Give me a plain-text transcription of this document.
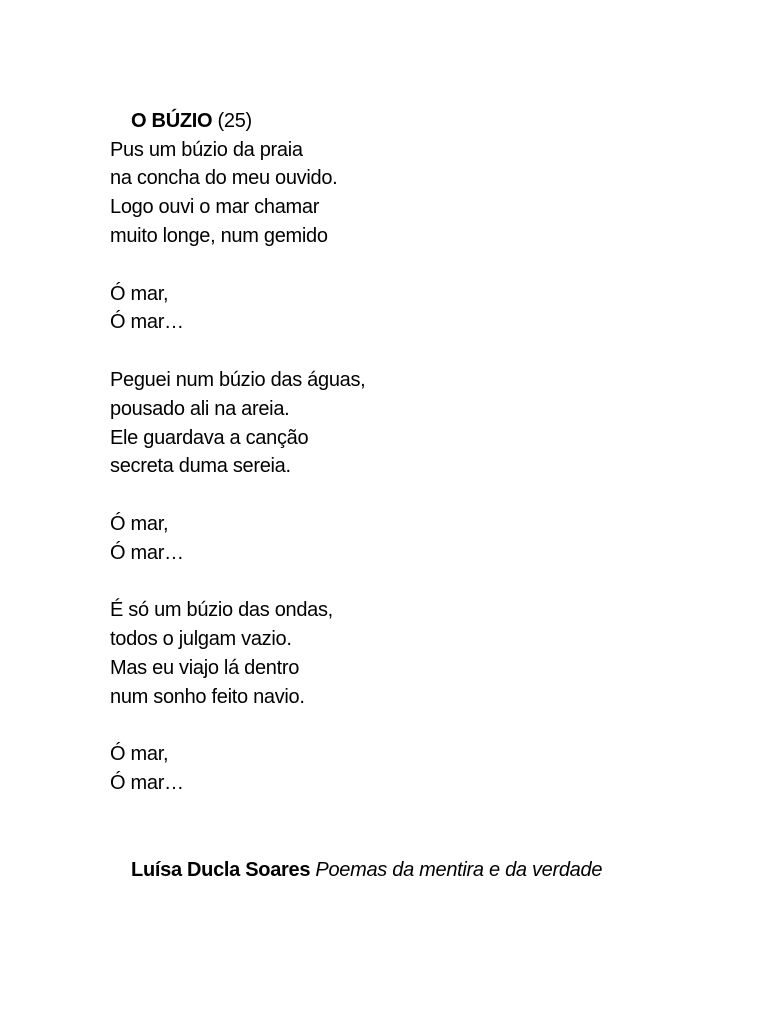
O BÚZIO (25)

Pus um búzio da praia
na concha do meu ouvido.
Logo ouvi o mar chamar
muito longe, num gemido
Ó mar,
Ó mar…
Peguei num búzio das águas,
pousado ali na areia.
Ele guardava a canção
secreta duma sereia.
Ó mar,
Ó mar…
É só um búzio das ondas,
todos o julgam vazio.
Mas eu viajo lá dentro
num sonho feito navio.
Ó mar,
Ó mar…

Luísa Ducla Soares Poemas da mentira e da verdade
